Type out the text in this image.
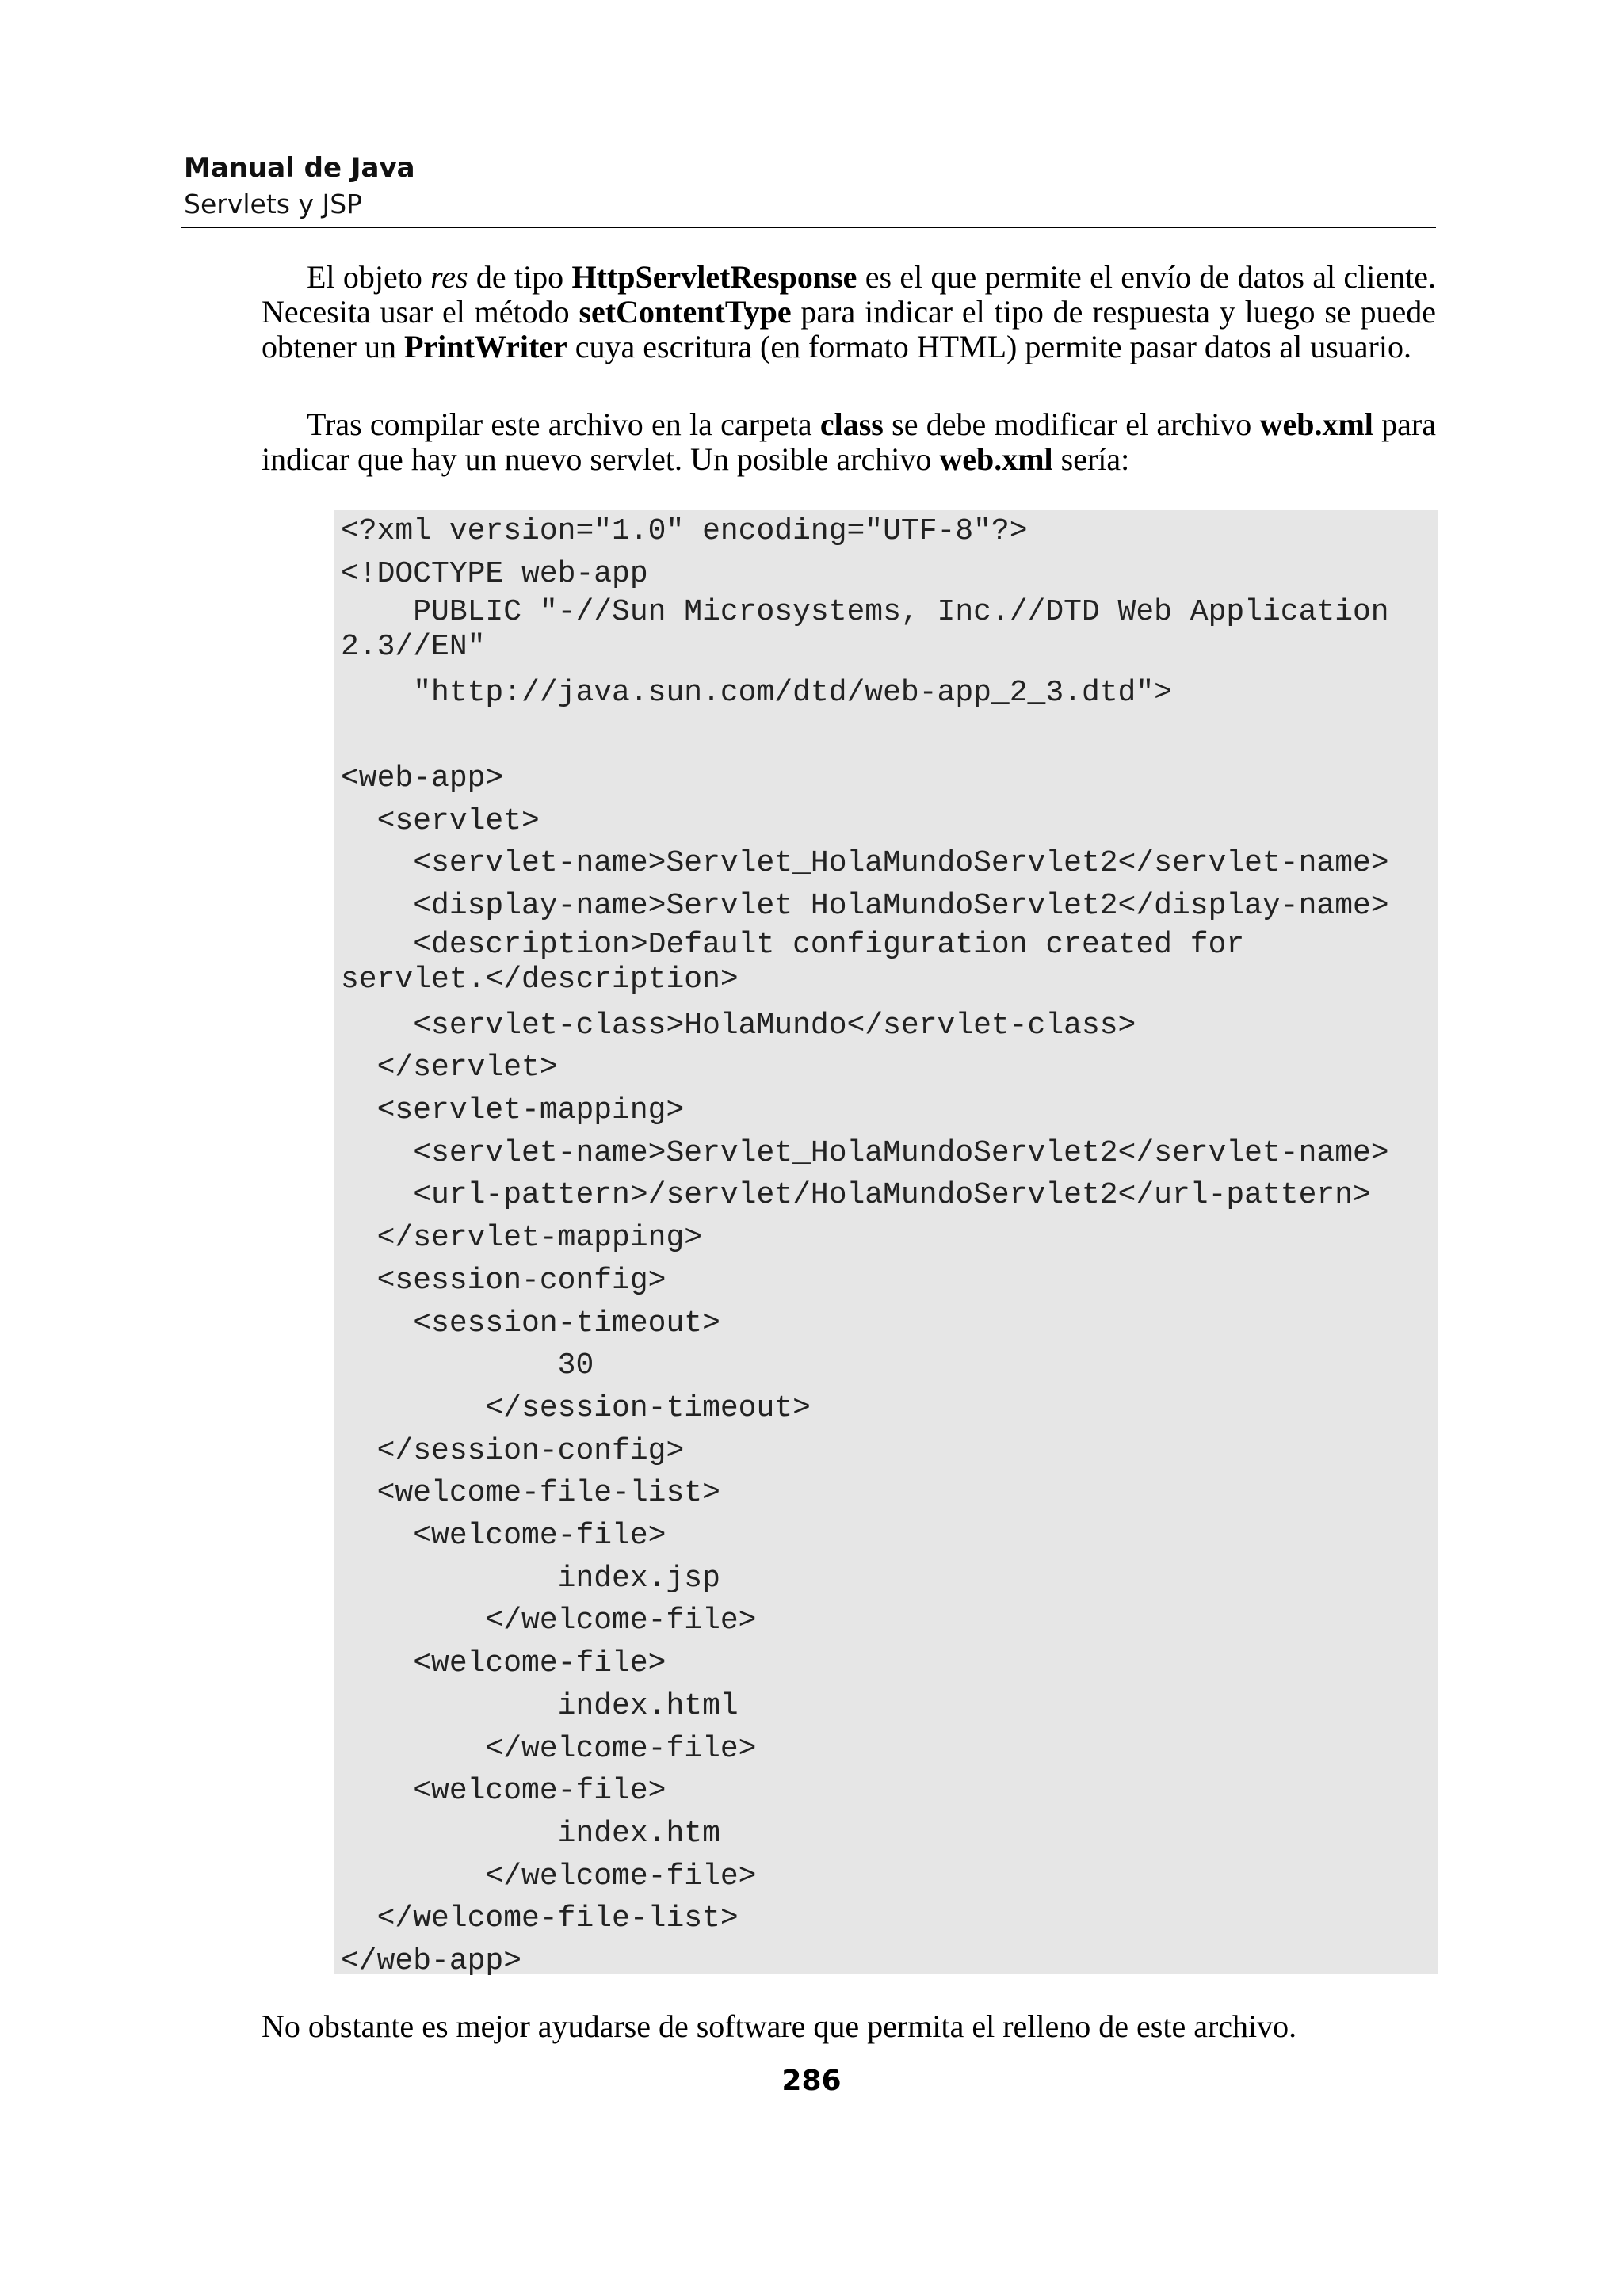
Manual de Java
Servlets y JSP

El objeto res de tipo HttpServletResponse es el que permite el envío de datos al cliente. Necesita usar el método setContentType para indicar el tipo de respuesta y luego se puede obtener un PrintWriter cuya escritura (en formato HTML) permite pasar datos al usuario.

Tras compilar este archivo en la carpeta class se debe modificar el archivo web.xml para indicar que hay un nuevo servlet. Un posible archivo web.xml sería:

<?xml version="1.0" encoding="UTF-8"?>
<!DOCTYPE web-app
PUBLIC "-//Sun Microsystems, Inc.//DTD Web Application
2.3//EN"
"http://java.sun.com/dtd/web-app_2_3.dtd">
<web-app>
<servlet>
<servlet-name>Servlet_HolaMundoServlet2</servlet-name>
<display-name>Servlet HolaMundoServlet2</display-name>
<description>Default configuration created for
servlet.</description>
<servlet-class>HolaMundo</servlet-class>
</servlet>
<servlet-mapping>
<servlet-name>Servlet_HolaMundoServlet2</servlet-name>
<url-pattern>/servlet/HolaMundoServlet2</url-pattern>
</servlet-mapping>
<session-config>
<session-timeout>
30
</session-timeout>
</session-config>
<welcome-file-list>
<welcome-file>
index.jsp
</welcome-file>
<welcome-file>
index.html
</welcome-file>
<welcome-file>
index.htm
</welcome-file>
</welcome-file-list>
</web-app>
No obstante es mejor ayudarse de software que permita el relleno de este archivo.
286
